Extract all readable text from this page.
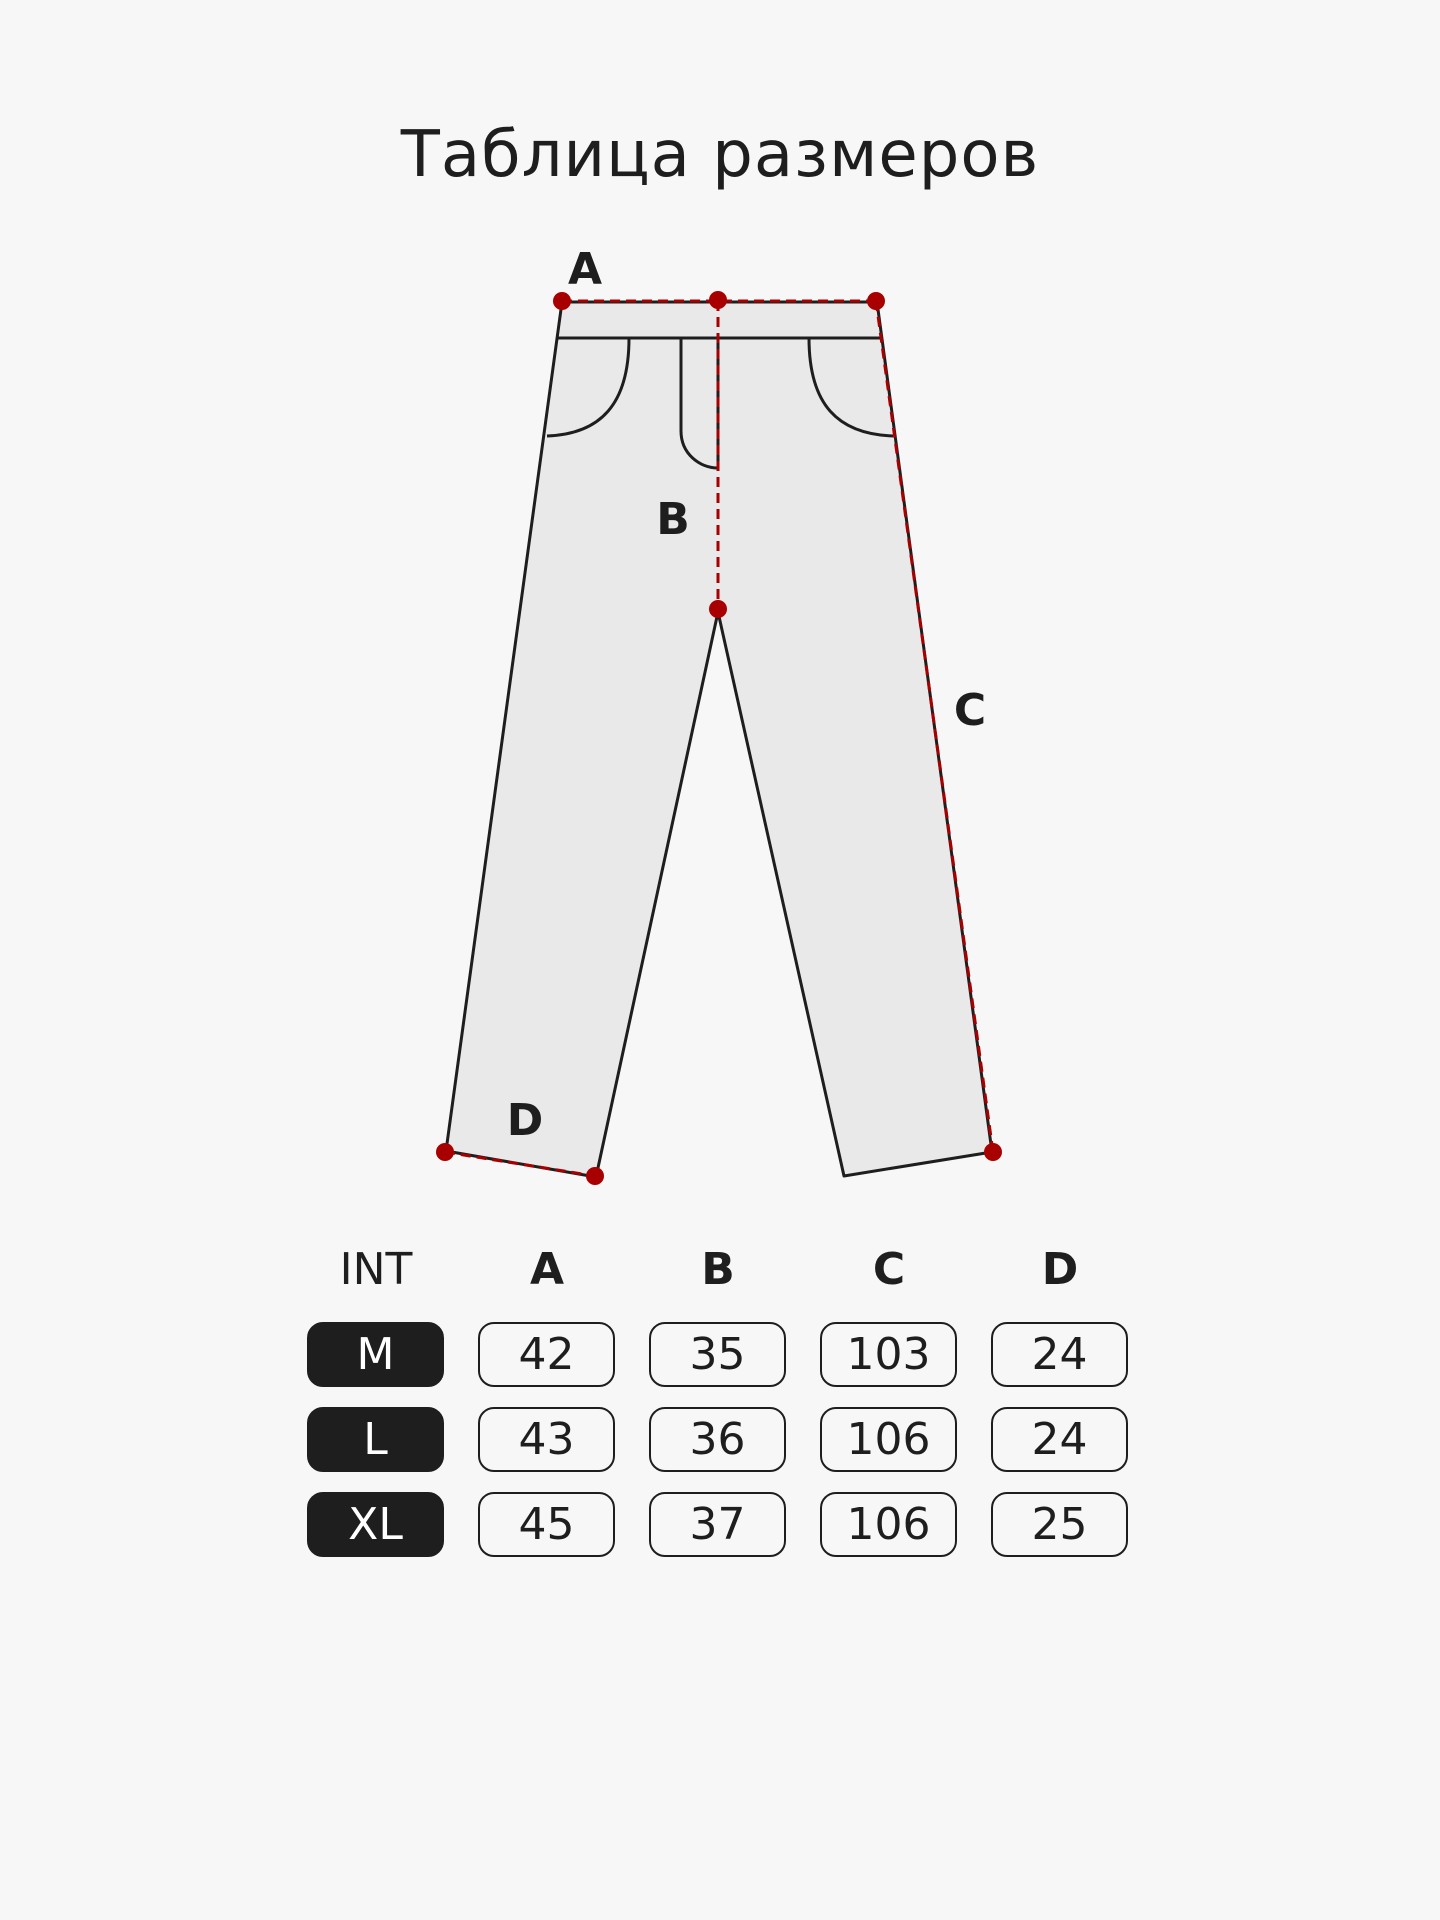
Таблица размеров
A
B
C
D
INT	A	B	C	D
M	42	35	103	24
L	43	36	106	24
XL	45	37	106	25
